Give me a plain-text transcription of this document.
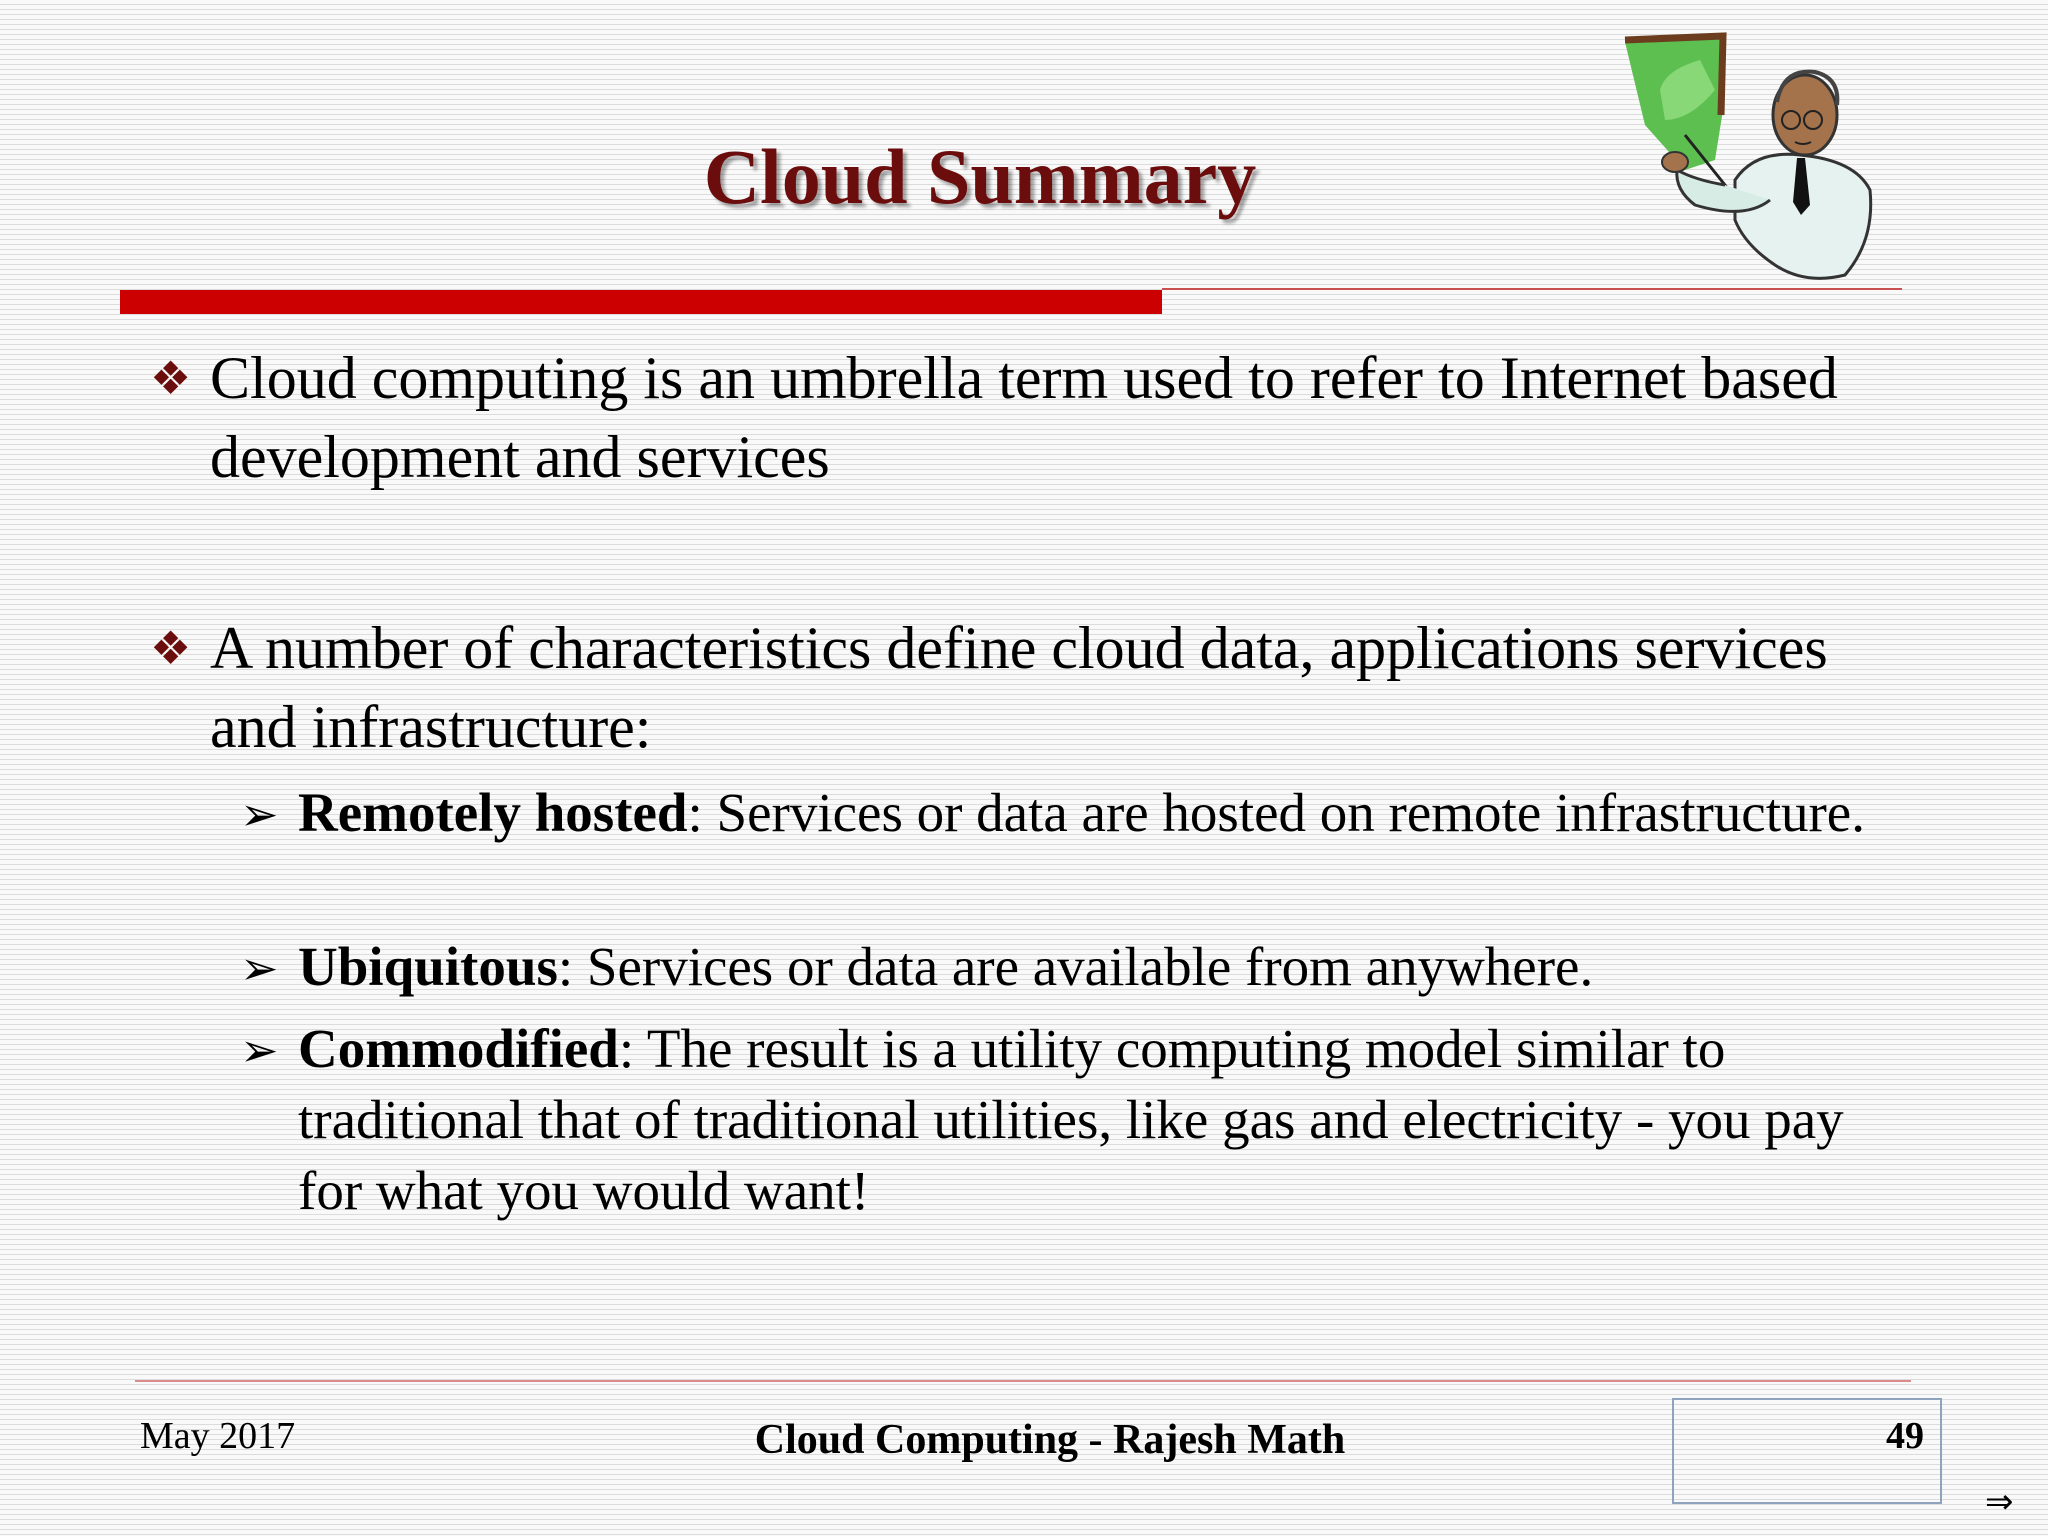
Cloud Summary
❖ Cloud computing is an umbrella term used to refer to Internet based development and services
❖ A number of characteristics define cloud data, applications services and infrastructure:
➢ Remotely hosted: Services or data are hosted on remote infrastructure.
➢ Ubiquitous: Services or data are available from anywhere.
➢ Commodified: The result is a utility computing model similar to traditional that of traditional utilities, like gas and electricity - you pay for what you would want!
May 2017	Cloud Computing - Rajesh Math	49
⇒
